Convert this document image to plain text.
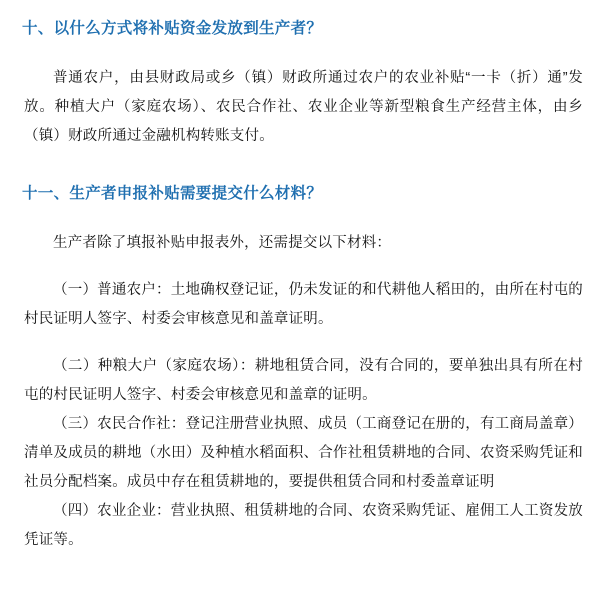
十、以什么方式将补贴资金发放到生产者？

普通农户，由县财政局或乡（镇）财政所通过农户的农业补贴“一卡（折）通”发放。种植大户（家庭农场）、农民合作社、农业企业等新型粮食生产经营主体，由乡（镇）财政所通过金融机构转账支付。

十一、生产者申报补贴需要提交什么材料？

生产者除了填报补贴申报表外，还需提交以下材料：

（一）普通农户：土地确权登记证，仍未发证的和代耕他人稻田的，由所在村屯的村民证明人签字、村委会审核意见和盖章证明。

（二）种粮大户（家庭农场）：耕地租赁合同，没有合同的，要单独出具有所在村屯的村民证明人签字、村委会审核意见和盖章的证明。

（三）农民合作社：登记注册营业执照、成员（工商登记在册的，有工商局盖章）清单及成员的耕地（水田）及种植水稻面积、合作社租赁耕地的合同、农资采购凭证和社员分配档案。成员中存在租赁耕地的，要提供租赁合同和村委盖章证明

（四）农业企业：营业执照、租赁耕地的合同、农资采购凭证、雇佣工人工资发放凭证等。
